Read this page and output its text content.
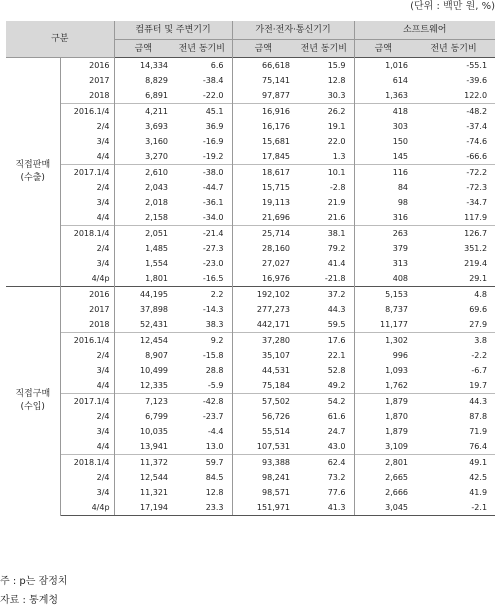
(단위 : 백만 원, %)
구분		컴퓨터 및 주변기기		가전·전자·통신기기		소프트웨어	
		금액	전년 동기비	금액	전년 동기비	금액	전년 동기비
직접판매
(수출)	2016	14,334	6.6	66,618	15.9	1,016	-55.1
	2017	8,829	-38.4	75,141	12.8	614	-39.6
	2018	6,891	-22.0	97,877	30.3	1,363	122.0
	2016.1/4	4,211	45.1	16,916	26.2	418	-48.2
	2/4	3,693	36.9	16,176	19.1	303	-37.4
	3/4	3,160	-16.9	15,681	22.0	150	-74.6
	4/4	3,270	-19.2	17,845	1.3	145	-66.6
	2017.1/4	2,610	-38.0	18,617	10.1	116	-72.2
	2/4	2,043	-44.7	15,715	-2.8	84	-72.3
	3/4	2,018	-36.1	19,113	21.9	98	-34.7
	4/4	2,158	-34.0	21,696	21.6	316	117.9
	2018.1/4	2,051	-21.4	25,714	38.1	263	126.7
	2/4	1,485	-27.3	28,160	79.2	379	351.2
	3/4	1,554	-23.0	27,027	41.4	313	219.4
	4/4p	1,801	-16.5	16,976	-21.8	408	29.1
직접구매
(수입)	2016	44,195	2.2	192,102	37.2	5,153	4.8
	2017	37,898	-14.3	277,273	44.3	8,737	69.6
	2018	52,431	38.3	442,171	59.5	11,177	27.9
	2016.1/4	12,454	9.2	37,280	17.6	1,302	3.8
	2/4	8,907	-15.8	35,107	22.1	996	-2.2
	3/4	10,499	28.8	44,531	52.8	1,093	-6.7
	4/4	12,335	-5.9	75,184	49.2	1,762	19.7
	2017.1/4	7,123	-42.8	57,502	54.2	1,879	44.3
	2/4	6,799	-23.7	56,726	61.6	1,870	87.8
	3/4	10,035	-4.4	55,514	24.7	1,879	71.9
	4/4	13,941	13.0	107,531	43.0	3,109	76.4
	2018.1/4	11,372	59.7	93,388	62.4	2,801	49.1
	2/4	12,544	84.5	98,241	73.2	2,665	42.5
	3/4	11,321	12.8	98,571	77.6	2,666	41.9
	4/4p	17,194	23.3	151,971	41.3	3,045	-2.1
주 : p는 잠정치
자료 : 통계청
